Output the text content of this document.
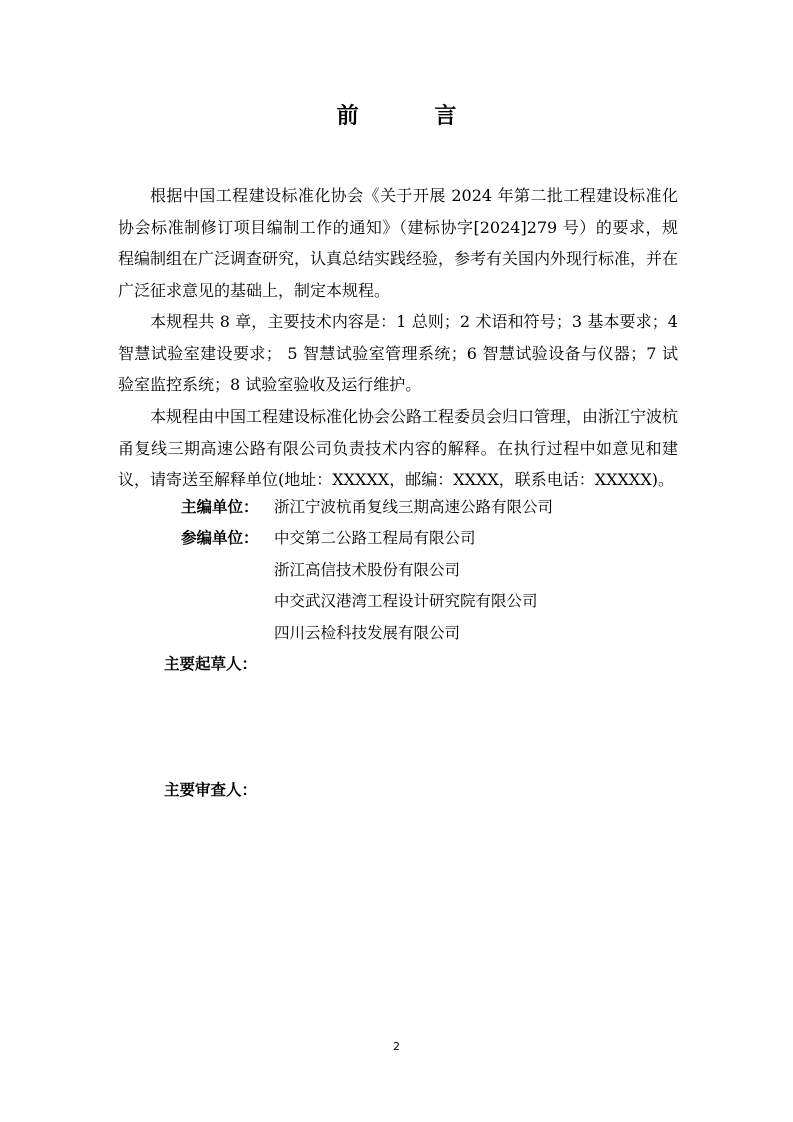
前 言

根据中国工程建设标准化协会《关于开展 2024 年第二批工程建设标准化协会标准制修订项目编制工作的通知》（建标协字[2024]279 号）的要求，规程编制组在广泛调查研究，认真总结实践经验，参考有关国内外现行标准，并在广泛征求意见的基础上，制定本规程。

本规程共 8 章，主要技术内容是：1 总则；2 术语和符号；3 基本要求；4 智慧试验室建设要求； 5 智慧试验室管理系统；6 智慧试验设备与仪器；7 试验室监控系统；8 试验室验收及运行维护。

本规程由中国工程建设标准化协会公路工程委员会归口管理，由浙江宁波杭甬复线三期高速公路有限公司负责技术内容的解释。在执行过程中如意见和建议，请寄送至解释单位(地址：XXXXX，邮编：XXXX，联系电话：XXXXX)。

主编单位： 浙江宁波杭甬复线三期高速公路有限公司
参编单位： 中交第二公路工程局有限公司
浙江高信技术股份有限公司
中交武汉港湾工程设计研究院有限公司
四川云检科技发展有限公司
主要起草人：
主要审查人：
2
